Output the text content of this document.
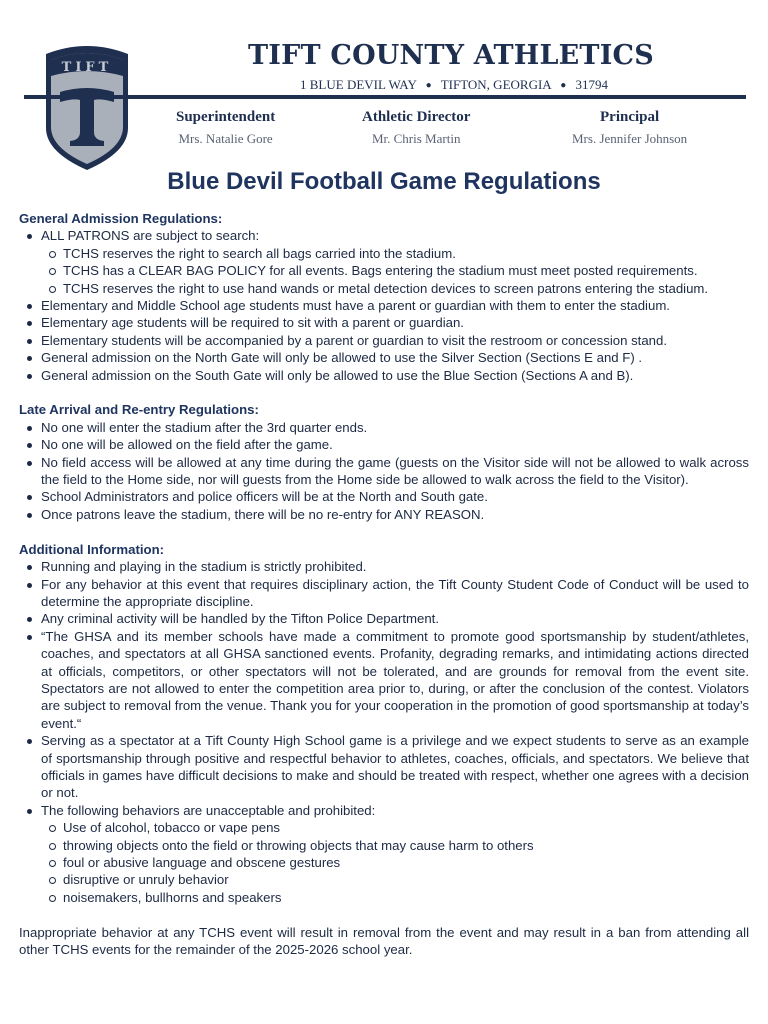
TIFT	TIFT COUNTY ATHLETICS
1 BLUE DEVIL WAY ● TIFTON, GEORGIA ● 31794
Superintendent
Mrs. Natalie Gore
Athletic Director
Mr. Chris Martin
Principal
Mrs. Jennifer Johnson
Blue Devil Football Game Regulations
General Admission Regulations:
ALL PATRONS are subject to search:
TCHS reserves the right to search all bags carried into the stadium.
TCHS has a CLEAR BAG POLICY for all events. Bags entering the stadium must meet posted requirements.
TCHS reserves the right to use hand wands or metal detection devices to screen patrons entering the stadium.
Elementary and Middle School age students must have a parent or guardian with them to enter the stadium.
Elementary age students will be required to sit with a parent or guardian.
Elementary students will be accompanied by a parent or guardian to visit the restroom or concession stand.
General admission on the North Gate will only be allowed to use the Silver Section (Sections E and F) .
General admission on the South Gate will only be allowed to use the Blue Section (Sections A and B).
Late Arrival and Re-entry Regulations:
No one will enter the stadium after the 3rd quarter ends.
No one will be allowed on the field after the game.
No field access will be allowed at any time during the game (guests on the Visitor side will not be allowed to walk across the field to the Home side, nor will guests from the Home side be allowed to walk across the field to the Visitor).
School Administrators and police officers will be at the North and South gate.
Once patrons leave the stadium, there will be no re-entry for ANY REASON.
Additional Information:
Running and playing in the stadium is strictly prohibited.
For any behavior at this event that requires disciplinary action, the Tift County Student Code of Conduct will be used to determine the appropriate discipline.
Any criminal activity will be handled by the Tifton Police Department.
“The GHSA and its member schools have made a commitment to promote good sportsmanship by student/athletes, coaches, and spectators at all GHSA sanctioned events. Profanity, degrading remarks, and intimidating actions directed at officials, competitors, or other spectators will not be tolerated, and are grounds for removal from the event site. Spectators are not allowed to enter the competition area prior to, during, or after the conclusion of the contest. Violators are subject to removal from the venue. Thank you for your cooperation in the promotion of good sportsmanship at today’s event.“
Serving as a spectator at a Tift County High School game is a privilege and we expect students to serve as an example of sportsmanship through positive and respectful behavior to athletes, coaches, officials, and spectators. We believe that officials in games have difficult decisions to make and should be treated with respect, whether one agrees with a decision or not.
The following behaviors are unacceptable and prohibited:
Use of alcohol, tobacco or vape pens
throwing objects onto the field or throwing objects that may cause harm to others
foul or abusive language and obscene gestures
disruptive or unruly behavior
noisemakers, bullhorns and speakers
Inappropriate behavior at any TCHS event will result in removal from the event and may result in a ban from attending all other TCHS events for the remainder of the 2025-2026 school year.
